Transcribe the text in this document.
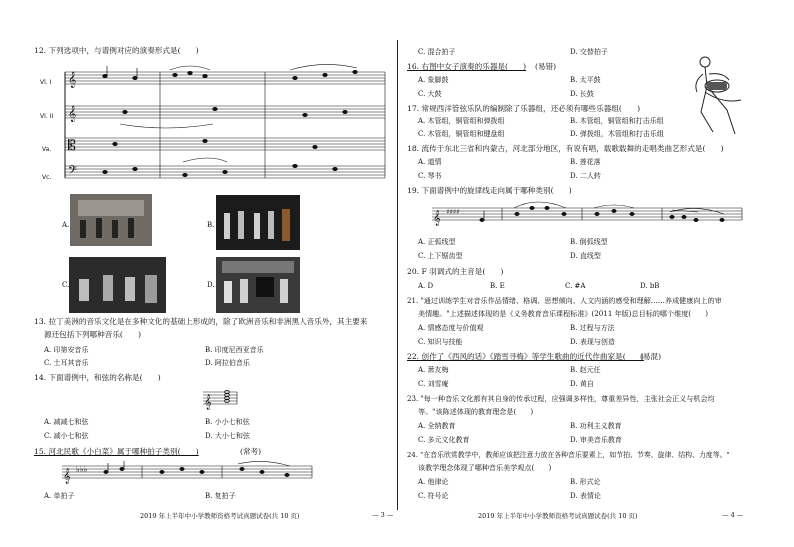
12. 下列选项中，与谱例对应的演奏形式是(　　)
Vl. I
Vl. II
Va.
Vc.
𝄞
𝄞
𝄡
𝄢
A.	B.
C.	D.
13. 拉丁美洲的音乐文化是在多种文化的基础上形成的，除了欧洲音乐和非洲黑人音乐外，其主要来
源还包括下列哪种音乐(　　)
A. 印第安音乐	B. 印度尼西亚音乐
C. 土耳其音乐	D. 阿拉伯音乐
14. 下面谱例中，和弦的名称是(　　)
𝄞
A. 减减七和弦	B. 小小七和弦
C. 减小七和弦	D. 大小七和弦
15. 河北民歌《小白菜》属于哪种拍子类别(　　)	(常考)
𝄞 ♭♭♭
A. 单拍子	B. 复拍子
2019 年上半年中小学教师资格考试真题试卷(共 10 页)	— 3 —
C. 混合拍子	D. 交替拍子
16. 右图中女子演奏的乐器是(　　) (易错)
A. 象脚鼓	B. 太平鼓
C. 大鼓	D. 长鼓
17. 常规西洋管弦乐队的编制除了乐器组，还必须有哪些乐器组(　　)
A. 木管组，铜管组和弹拨组	B. 木管组，铜管组和打击乐组
C. 木管组，铜管组和键盘组	D. 弹拨组，木管组和打击乐组
18. 流传于东北三省和内蒙古，河北部分地区，有说有唱，载歌载舞的走唱类曲艺形式是(　　)
A. 道情	B. 莲花落
C. 琴书	D. 二人转
19. 下面谱例中的旋律线走向属于哪种类别(　　)
𝄞 ♯♯♯♯
A. 正弧线型	B. 倒弧线型
C. 上下锯齿型	D. 直线型
20. F 羽调式的主音是(　　)
A. D	B. E	C. #A	D. bB
21. "通过训练学生对音乐作品情绪、格调、思想倾向、人文内涵的感受和理解……养成健康向上的审
美情趣。"上述描述体现的是《义务教育音乐课程标准》(2011 年版)总目标的哪个维度(　　)
A. 情感态度与价值观	B. 过程与方法
C. 知识与技能	D. 表现与创造
22. 创作了《西风的话》《踏雪寻梅》等学生歌曲的近代作曲家是(　　)
(易混)
A. 萧友梅	B. 赵元任
C. 刘雪庵	D. 黄自
23. "每一种音乐文化都有其自身的传承过程，应强调多样性，尊重差异性，主张社会正义与机会均
等。"该陈述体现的教育理念是(　　)
A. 全纳教育	B. 功利主义教育
C. 多元文化教育	D. 审美音乐教育
24. "在音乐欣赏教学中，教师应该把注意力放在各种音乐要素上，如节拍、节奏、旋律、结构、力度等。"
该教学理念体现了哪种音乐美学观点(　　)
A. 他律论	B. 形式论
C. 符号论	D. 表情论
2019 年上半年中小学教师资格考试真题试卷(共 10 页)	— 4 —
